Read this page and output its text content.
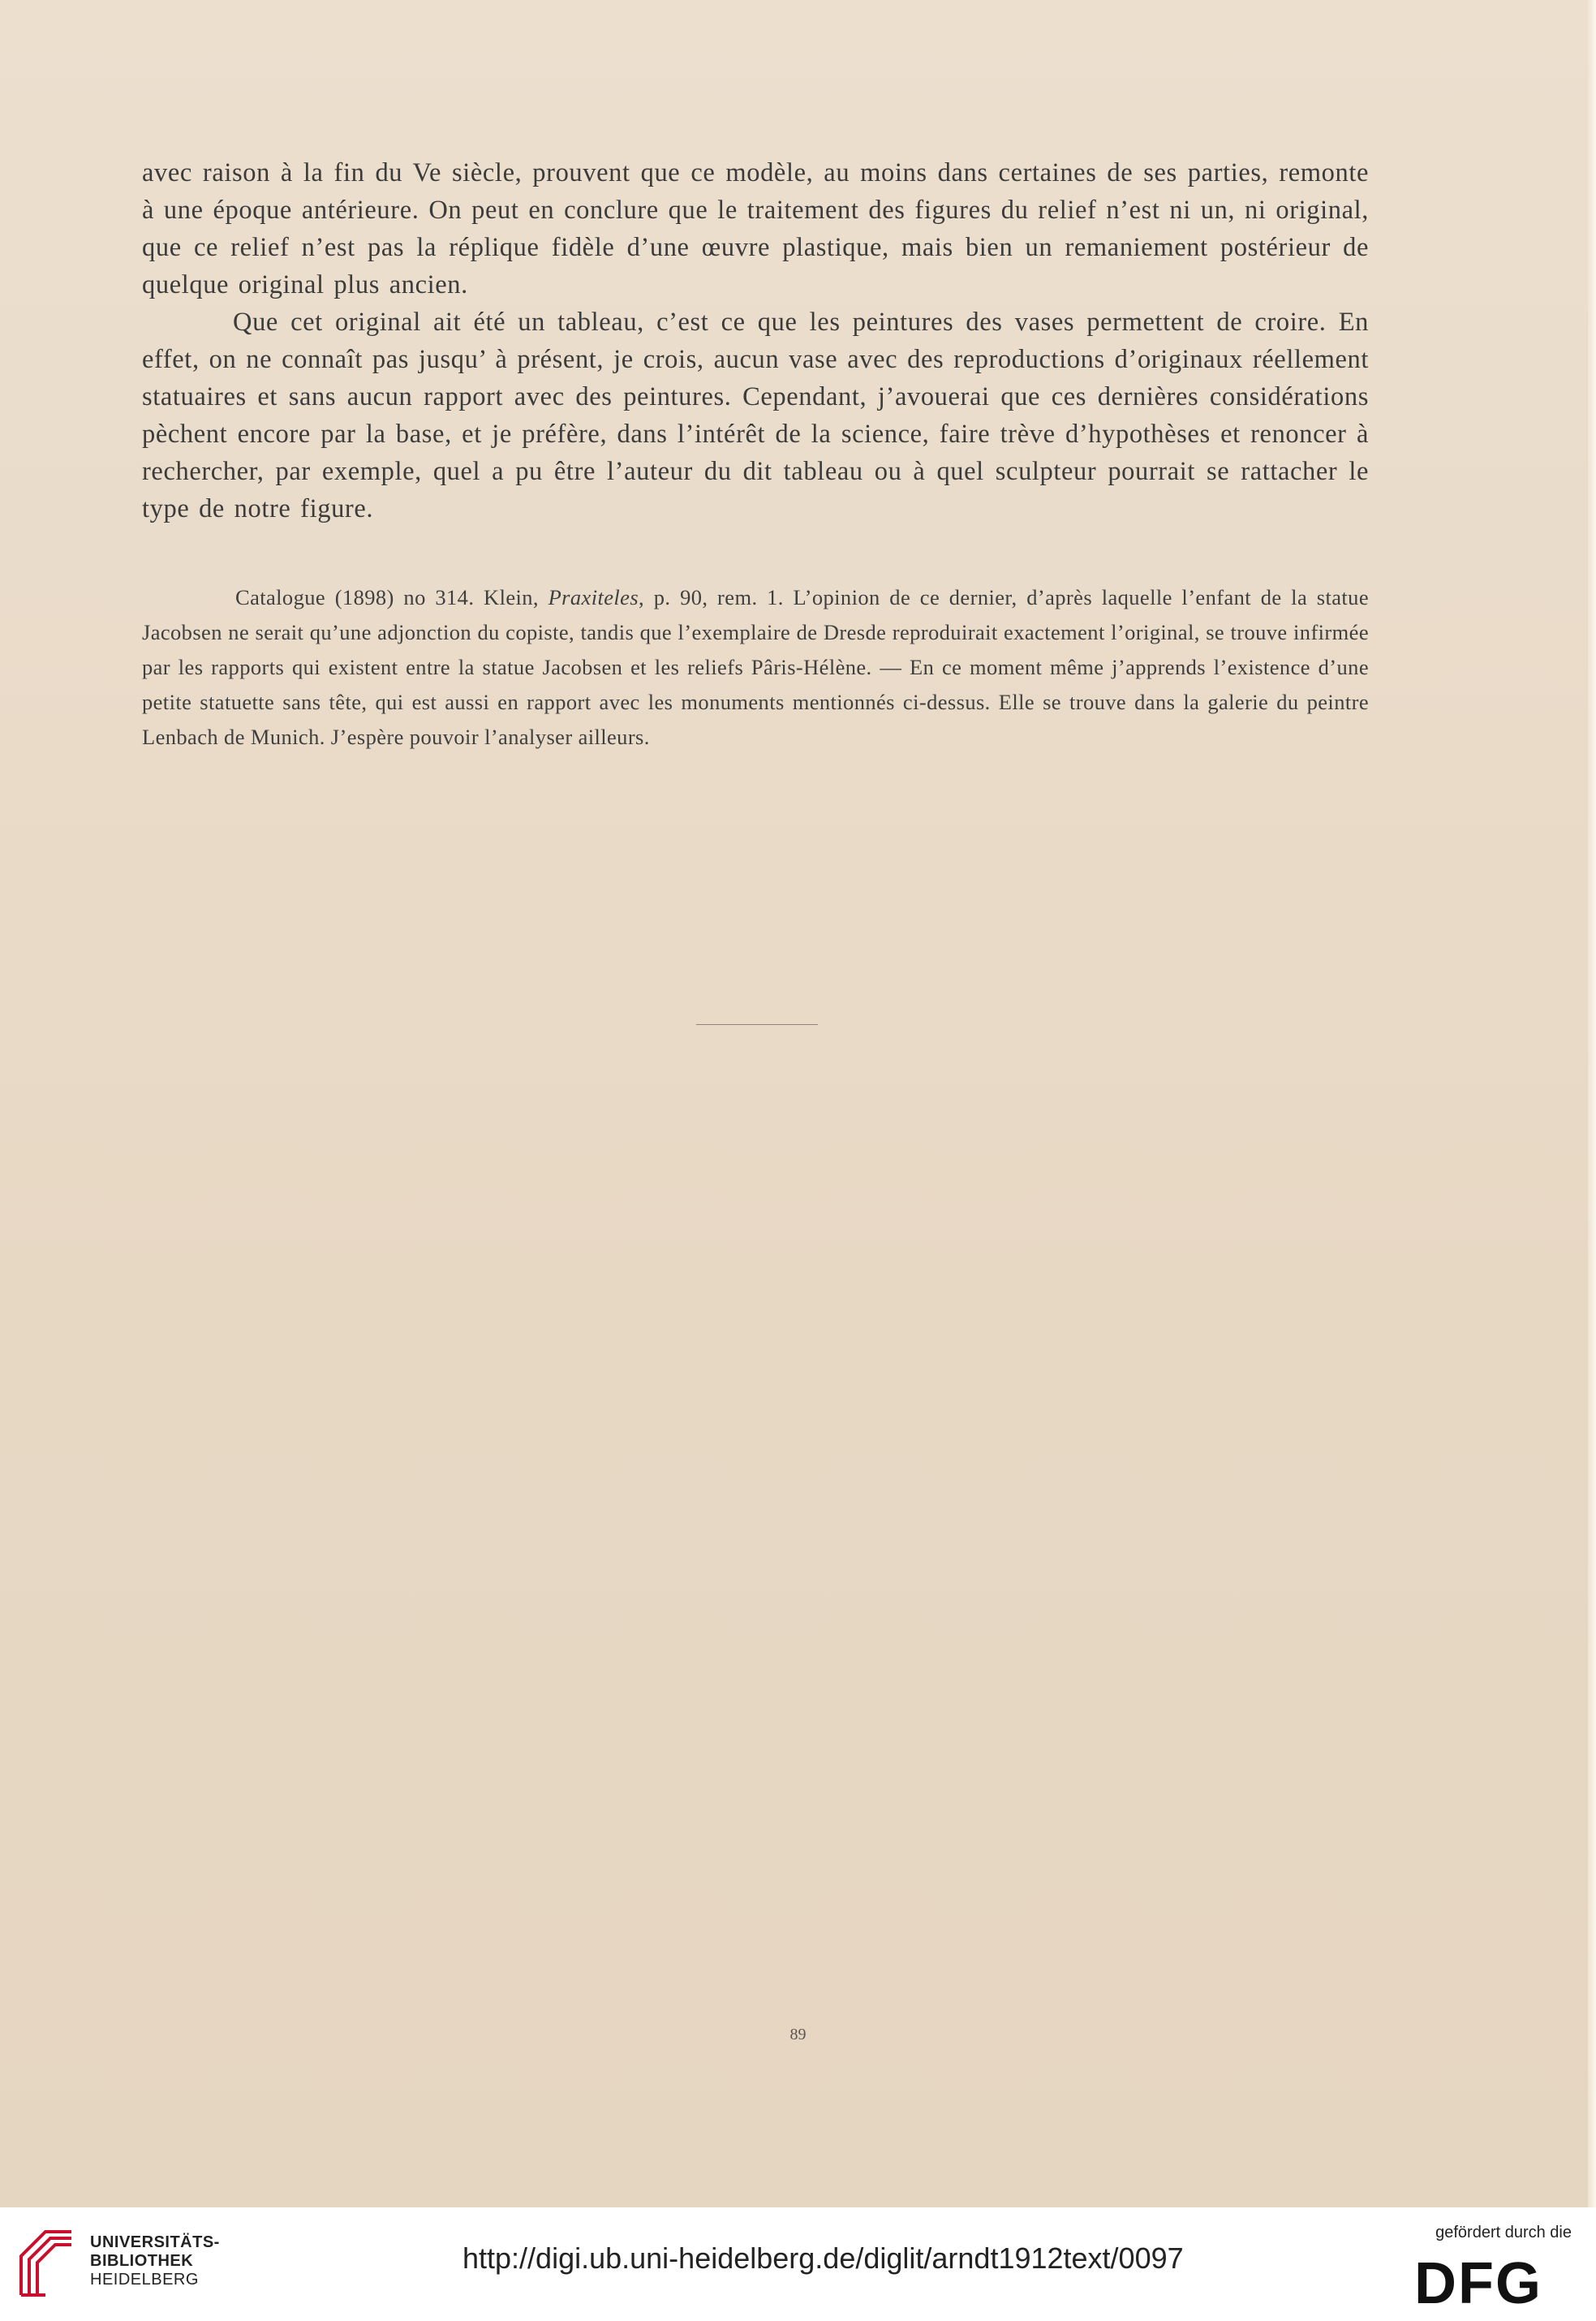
avec raison à la fin du Ve siècle, prouvent que ce modèle, au moins dans certaines de ses parties, remonte à une époque antérieure. On peut en conclure que le traitement des figures du relief n’est ni un, ni original, que ce relief n’est pas la réplique fidèle d’une œuvre plastique, mais bien un remaniement postérieur de quelque original plus ancien.

Que cet original ait été un tableau, c’est ce que les peintures des vases permettent de croire. En effet, on ne connaît pas jusqu’ à présent, je crois, aucun vase avec des reproductions d’originaux réellement statuaires et sans aucun rapport avec des peintures. Cependant, j’avouerai que ces dernières considérations pèchent encore par la base, et je préfère, dans l’intérêt de la science, faire trève d’hypothèses et renoncer à rechercher, par exemple, quel a pu être l’auteur du dit tableau ou à quel sculpteur pourrait se rattacher le type de notre figure.

Catalogue (1898) no 314. Klein, Praxiteles, p. 90, rem. 1. L’opinion de ce dernier, d’après laquelle l’enfant de la statue Jacobsen ne serait qu’une adjonction du copiste, tandis que l’exemplaire de Dresde reproduirait exactement l’original, se trouve infirmée par les rapports qui existent entre la statue Jacobsen et les reliefs Pâris-Hélène. — En ce moment même j’apprends l’existence d’une petite statuette sans tête, qui est aussi en rapport avec les monuments mentionnés ci-dessus. Elle se trouve dans la galerie du peintre Lenbach de Munich. J’espère pouvoir l’analyser ailleurs.

89
UNIVERSITÄTS-
BIBLIOTHEK
HEIDELBERG
http://digi.ub.uni-heidelberg.de/diglit/arndt1912text/0097
gefördert durch die
DFG
